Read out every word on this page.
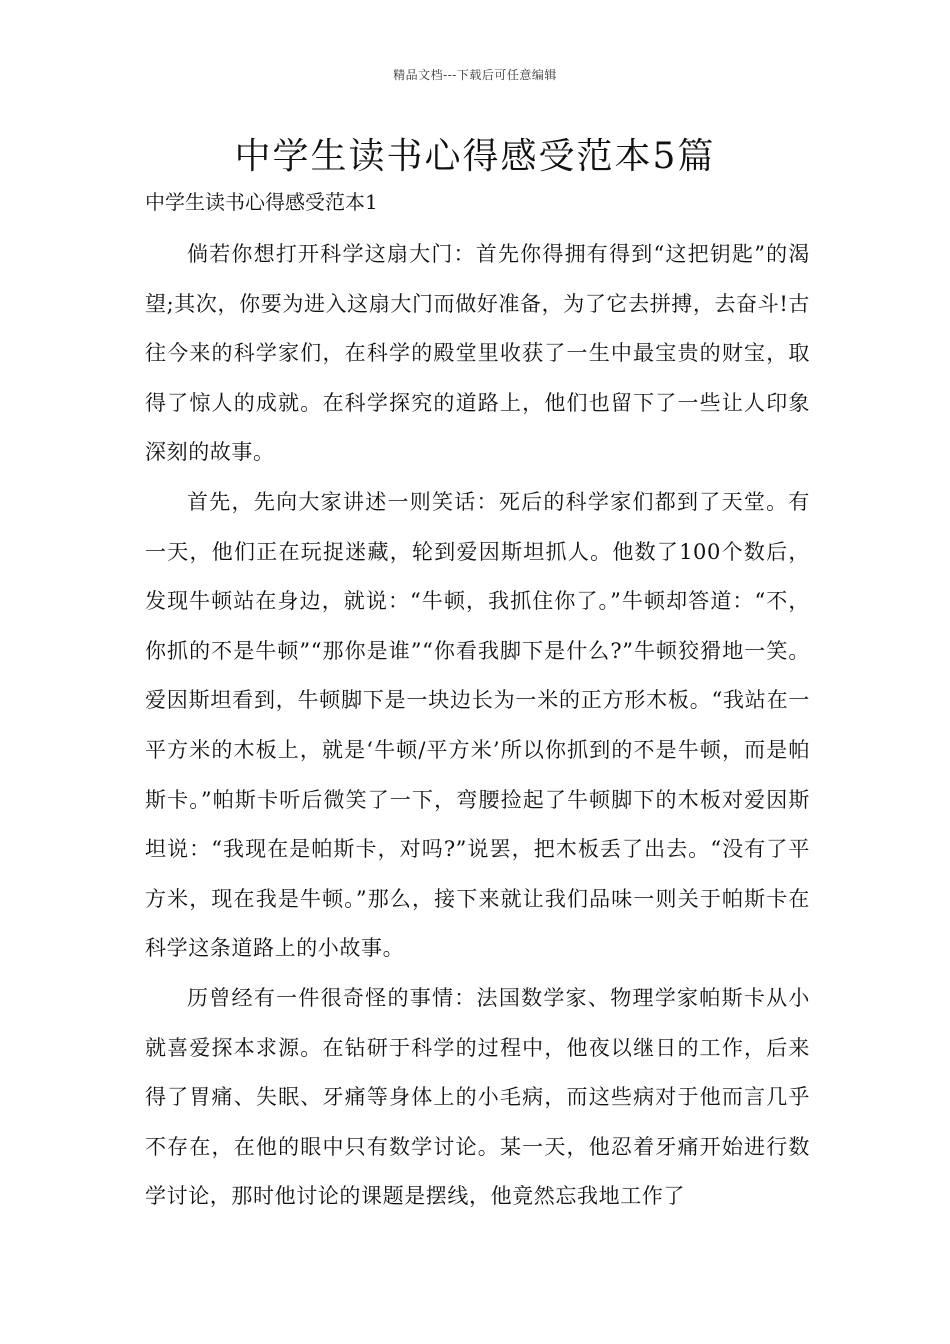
精品文档---下载后可任意编辑
中学生读书心得感受范本5篇
中学生读书心得感受范本1

倘若你想打开科学这扇大门：首先你得拥有得到“这把钥匙”的渴望;其次，你要为进入这扇大门而做好准备，为了它去拼搏，去奋斗!古往今来的科学家们，在科学的殿堂里收获了一生中最宝贵的财宝，取得了惊人的成就。在科学探究的道路上，他们也留下了一些让人印象深刻的故事。

首先，先向大家讲述一则笑话：死后的科学家们都到了天堂。有一天，他们正在玩捉迷藏，轮到爱因斯坦抓人。他数了100个数后，发现牛顿站在身边，就说：“牛顿，我抓住你了。”牛顿却答道：“不，你抓的不是牛顿”“那你是谁”“你看我脚下是什么?”牛顿狡猾地一笑。爱因斯坦看到，牛顿脚下是一块边长为一米的正方形木板。“我站在一平方米的木板上，就是‘牛顿/平方米’所以你抓到的不是牛顿，而是帕斯卡。”帕斯卡听后微笑了一下，弯腰捡起了牛顿脚下的木板对爱因斯坦说：“我现在是帕斯卡，对吗?”说罢，把木板丢了出去。“没有了平方米，现在我是牛顿。”那么，接下来就让我们品味一则关于帕斯卡在科学这条道路上的小故事。

历曾经有一件很奇怪的事情：法国数学家、物理学家帕斯卡从小就喜爱探本求源。在钻研于科学的过程中，他夜以继日的工作，后来得了胃痛、失眠、牙痛等身体上的小毛病，而这些病对于他而言几乎不存在，在他的眼中只有数学讨论。某一天，他忍着牙痛开始进行数学讨论，那时他讨论的课题是摆线，他竟然忘我地工作了
